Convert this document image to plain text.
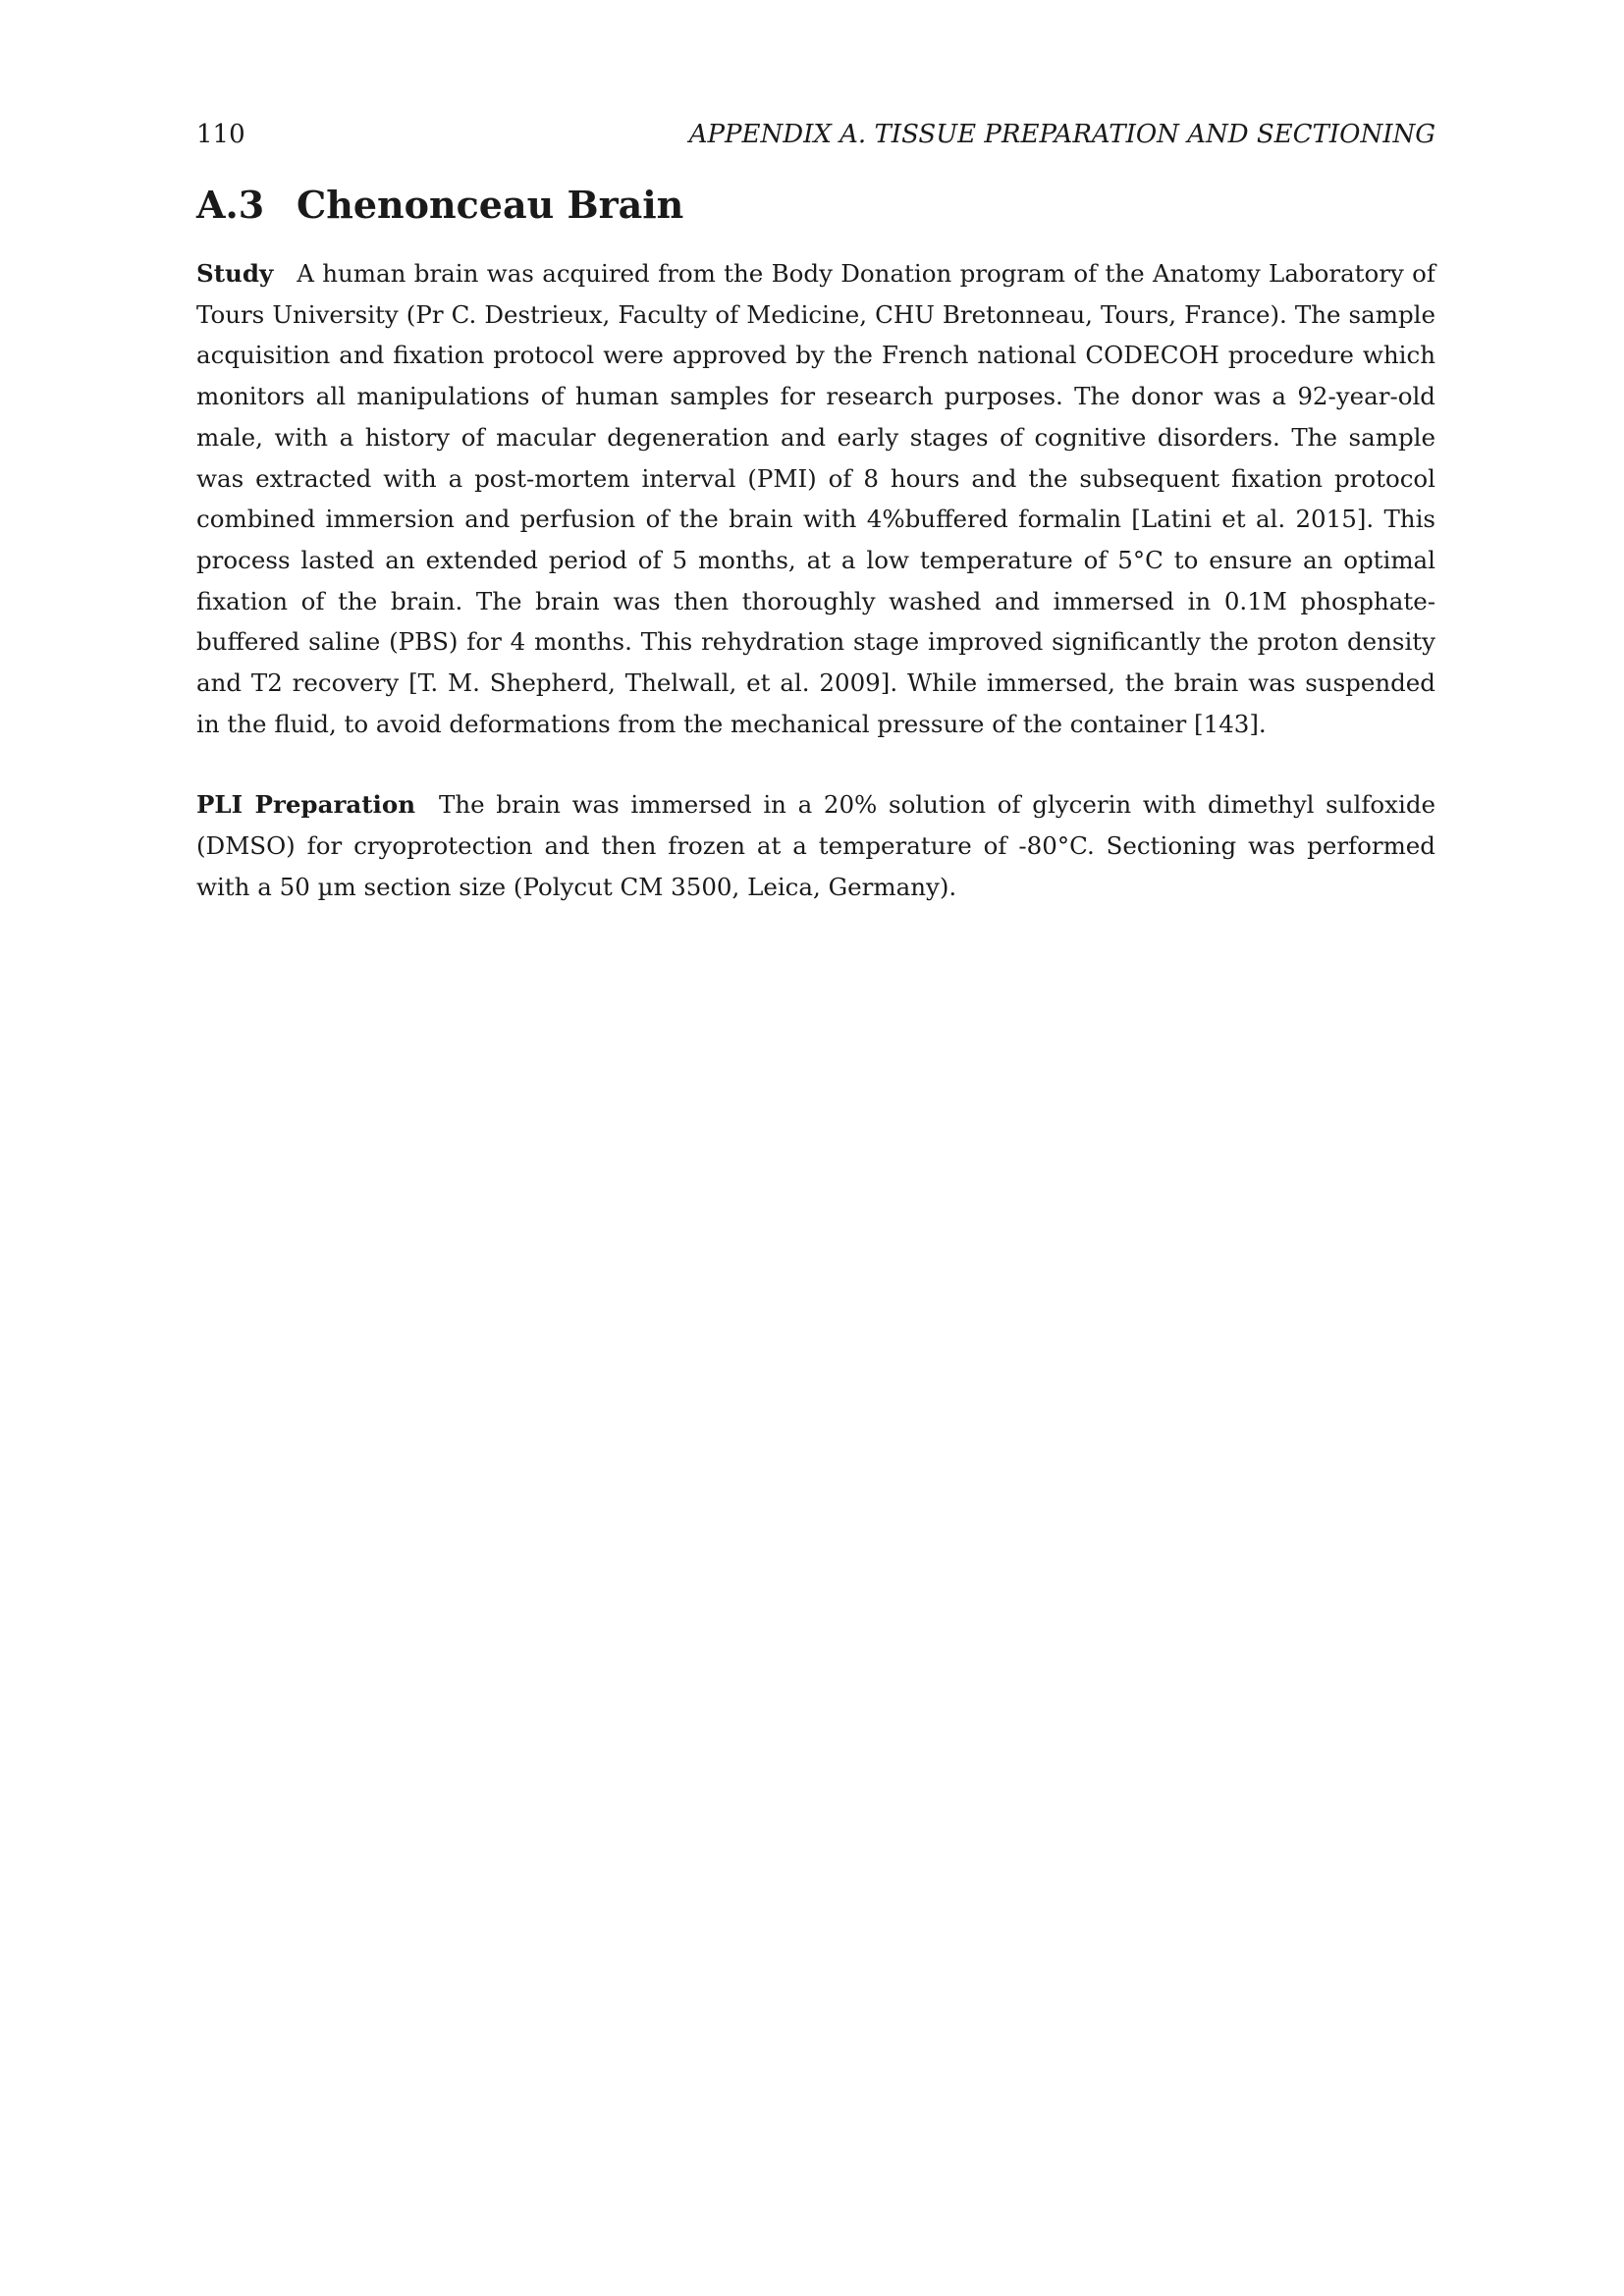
110	APPENDIX A. TISSUE PREPARATION AND SECTIONING
A.3 Chenonceau Brain

Study A human brain was acquired from the Body Donation program of the Anatomy Laboratory of Tours University (Pr C. Destrieux, Faculty of Medicine, CHU Bretonneau, Tours, France). The sample acquisition and fixation protocol were approved by the French national CODECOH procedure which monitors all manipulations of human samples for research purposes. The donor was a 92-year-old male, with a history of macular degeneration and early stages of cognitive disorders. The sample was extracted with a post-mortem interval (PMI) of 8 hours and the subsequent fixation protocol combined immersion and perfusion of the brain with 4%buffered formalin [Latini et al. 2015]. This process lasted an extended period of 5 months, at a low temperature of 5°C to ensure an optimal fixation of the brain. The brain was then thoroughly washed and immersed in 0.1M phosphate-buffered saline (PBS) for 4 months. This rehydration stage improved significantly the proton density and T2 recovery [T. M. Shepherd, Thelwall, et al. 2009]. While immersed, the brain was suspended in the fluid, to avoid deformations from the mechanical pressure of the container [143].

PLI Preparation The brain was immersed in a 20% solution of glycerin with dimethyl sulfoxide (DMSO) for cryoprotection and then frozen at a temperature of -80°C. Sectioning was performed with a 50 µm section size (Polycut CM 3500, Leica, Germany).
